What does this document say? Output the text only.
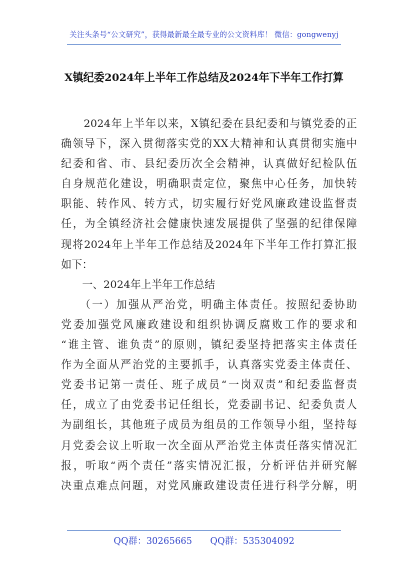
关注头条号“公文研究”，获得最新最全最专业的公文资料库！ 微信：gongwenyj
X镇纪委2024年上半年工作总结及2024年下半年工作打算
　　2024年上半年以来，X镇纪委在县纪委和与镇党委的正
确领导下，深入贯彻落实党的XX大精神和认真贯彻实施中
纪委和省、市、县纪委历次全会精神，认真做好纪检队伍
自身规范化建设，明确职责定位，聚焦中心任务，加快转
职能、转作风、转方式，切实履行好党风廉政建设监督责
任，为全镇经济社会健康快速发展提供了坚强的纪律保障
现将2024年上半年工作总结及2024年下半年工作打算汇报
如下：
　　一、2024年上半年工作总结
　　（一）加强从严治党，明确主体责任。按照纪委协助
党委加强党风廉政建设和组织协调反腐败工作的要求和
“谁主管、谁负责”的原则，镇纪委坚持把落实主体责任
作为全面从严治党的主要抓手，认真落实党委主体责任、
党委书记第一责任、班子成员“一岗双责”和纪委监督责
任，成立了由党委书记任组长，党委副书记、纪委负责人
为副组长，其他班子成员为组员的工作领导小组，坚持每
月党委会议上听取一次全面从严治党主体责任落实情况汇
报，听取“两个责任”落实情况汇报，分析评估并研究解
决重点难点问题，对党风廉政建设责任进行科学分解，明
QQ群：30265665　　QQ群：535304092
